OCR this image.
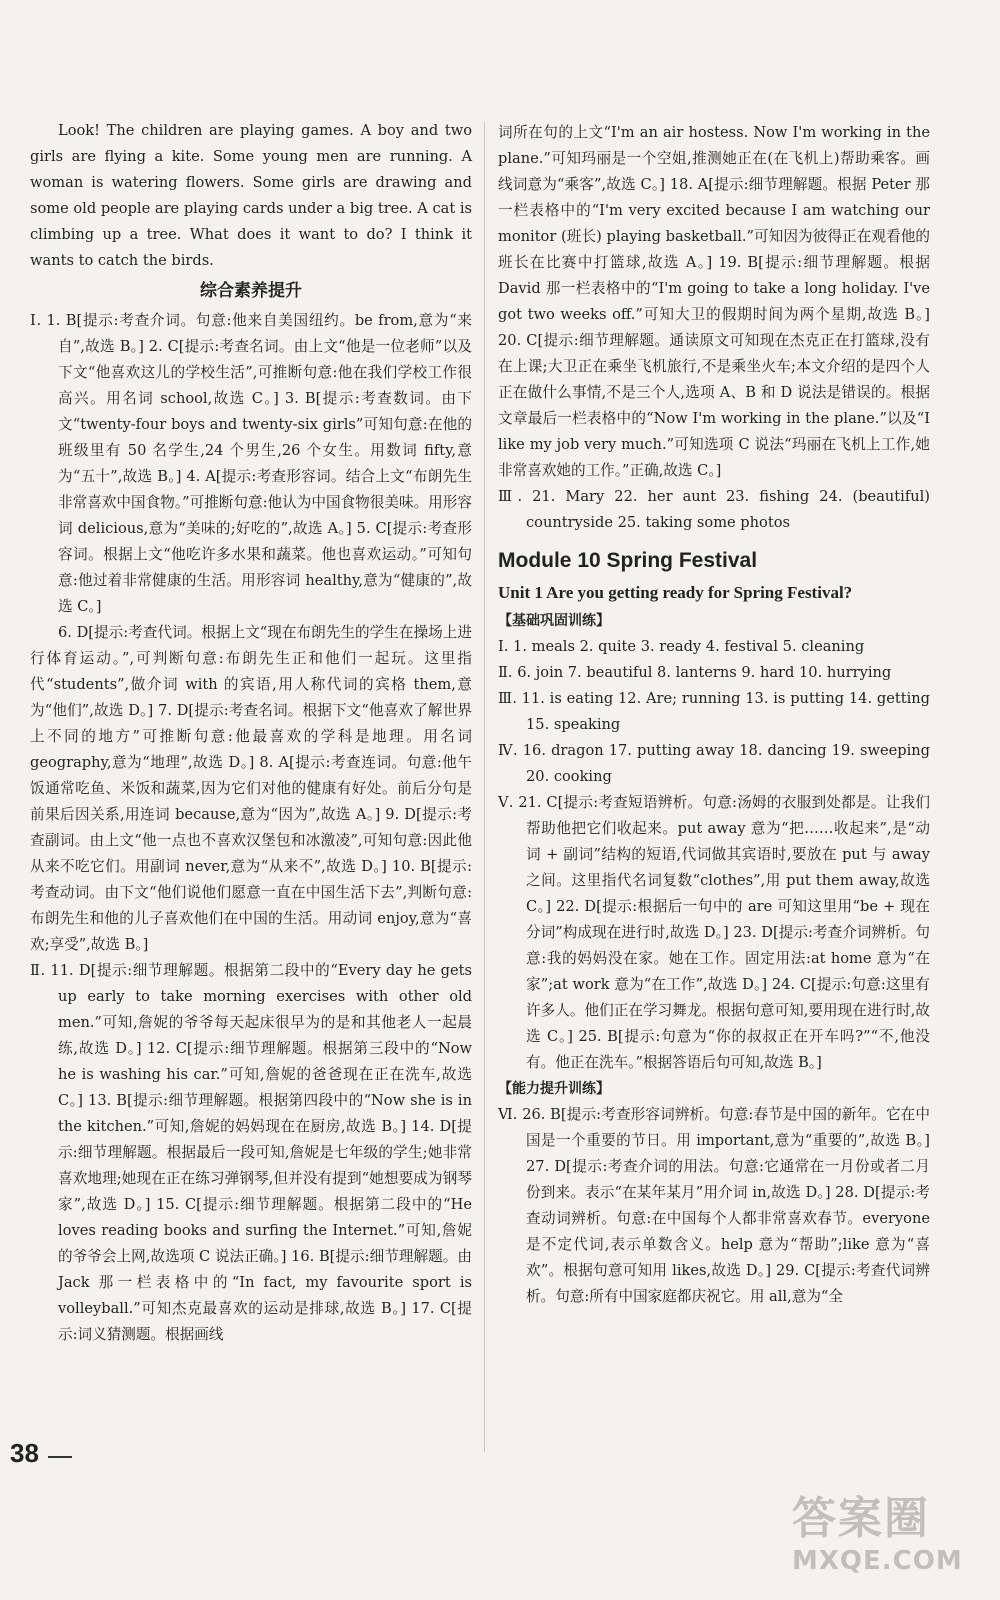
Look! The children are playing games. A boy and two girls are flying a kite. Some young men are running. A woman is watering flowers. Some girls are drawing and some old people are playing cards under a big tree. A cat is climbing up a tree. What does it want to do? I think it wants to catch the birds.

综合素养提升

Ⅰ. 1. B[提示:考查介词。句意:他来自美国纽约。be from,意为“来自”,故选 B。] 2. C[提示:考查名词。由上文“他是一位老师”以及下文“他喜欢这儿的学校生活”,可推断句意:他在我们学校工作很高兴。用名词 school,故选 C。] 3. B[提示:考查数词。由下文“twenty-four boys and twenty-six girls”可知句意:在他的班级里有 50 名学生,24 个男生,26 个女生。用数词 fifty,意为“五十”,故选 B。] 4. A[提示:考查形容词。结合上文“布朗先生非常喜欢中国食物。”可推断句意:他认为中国食物很美味。用形容词 delicious,意为“美味的;好吃的”,故选 A。] 5. C[提示:考查形容词。根据上文“他吃许多水果和蔬菜。他也喜欢运动。”可知句意:他过着非常健康的生活。用形容词 healthy,意为“健康的”,故选 C。]

6. D[提示:考查代词。根据上文“现在布朗先生的学生在操场上进行体育运动。”,可判断句意:布朗先生正和他们一起玩。这里指代“students”,做介词 with 的宾语,用人称代词的宾格 them,意为“他们”,故选 D。] 7. D[提示:考查名词。根据下文“他喜欢了解世界上不同的地方”可推断句意:他最喜欢的学科是地理。用名词 geography,意为“地理”,故选 D。] 8. A[提示:考查连词。句意:他午饭通常吃鱼、米饭和蔬菜,因为它们对他的健康有好处。前后分句是前果后因关系,用连词 because,意为“因为”,故选 A。] 9. D[提示:考查副词。由上文“他一点也不喜欢汉堡包和冰激凌”,可知句意:因此他从来不吃它们。用副词 never,意为“从来不”,故选 D。] 10. B[提示:考查动词。由下文“他们说他们愿意一直在中国生活下去”,判断句意:布朗先生和他的儿子喜欢他们在中国的生活。用动词 enjoy,意为“喜欢;享受”,故选 B。]

Ⅱ. 11. D[提示:细节理解题。根据第二段中的“Every day he gets up early to take morning exercises with other old men.”可知,詹妮的爷爷每天起床很早为的是和其他老人一起晨练,故选 D。] 12. C[提示:细节理解题。根据第三段中的“Now he is washing his car.”可知,詹妮的爸爸现在正在洗车,故选 C。] 13. B[提示:细节理解题。根据第四段中的“Now she is in the kitchen.”可知,詹妮的妈妈现在在厨房,故选 B。] 14. D[提示:细节理解题。根据最后一段可知,詹妮是七年级的学生;她非常喜欢地理;她现在正在练习弹钢琴,但并没有提到“她想要成为钢琴家”,故选 D。] 15. C[提示:细节理解题。根据第二段中的“He loves reading books and surfing the Internet.”可知,詹妮的爷爷会上网,故选项 C 说法正确。] 16. B[提示:细节理解题。由 Jack 那一栏表格中的“In fact, my favourite sport is volleyball.”可知杰克最喜欢的运动是排球,故选 B。] 17. C[提示:词义猜测题。根据画线

词所在句的上文“I'm an air hostess. Now I'm working in the plane.”可知玛丽是一个空姐,推测她正在(在飞机上)帮助乘客。画线词意为“乘客”,故选 C。] 18. A[提示:细节理解题。根据 Peter 那一栏表格中的“I'm very excited because I am watching our monitor (班长) playing basketball.”可知因为彼得正在观看他的班长在比赛中打篮球,故选 A。] 19. B[提示:细节理解题。根据 David 那一栏表格中的“I'm going to take a long holiday. I've got two weeks off.”可知大卫的假期时间为两个星期,故选 B。] 20. C[提示:细节理解题。通读原文可知现在杰克正在打篮球,没有在上课;大卫正在乘坐飞机旅行,不是乘坐火车;本文介绍的是四个人正在做什么事情,不是三个人,选项 A、B 和 D 说法是错误的。根据文章最后一栏表格中的“Now I'm working in the plane.”以及“I like my job very much.”可知选项 C 说法“玛丽在飞机上工作,她非常喜欢她的工作。”正确,故选 C。]

Ⅲ. 21. Mary 22. her aunt 23. fishing 24. (beautiful) countryside 25. taking some photos

Module 10 Spring Festival
Unit 1 Are you getting ready for Spring Festival?
【基础巩固训练】

Ⅰ. 1. meals 2. quite 3. ready 4. festival 5. cleaning

Ⅱ. 6. join 7. beautiful 8. lanterns 9. hard 10. hurrying

Ⅲ. 11. is eating 12. Are; running 13. is putting 14. getting 15. speaking

Ⅳ. 16. dragon 17. putting away 18. dancing 19. sweeping 20. cooking

Ⅴ. 21. C[提示:考查短语辨析。句意:汤姆的衣服到处都是。让我们帮助他把它们收起来。put away 意为“把……收起来”,是“动词 + 副词”结构的短语,代词做其宾语时,要放在 put 与 away 之间。这里指代名词复数“clothes”,用 put them away,故选 C。] 22. D[提示:根据后一句中的 are 可知这里用“be + 现在分词”构成现在进行时,故选 D。] 23. D[提示:考查介词辨析。句意:我的妈妈没在家。她在工作。固定用法:at home 意为“在家”;at work 意为“在工作”,故选 D。] 24. C[提示:句意:这里有许多人。他们正在学习舞龙。根据句意可知,要用现在进行时,故选 C。] 25. B[提示:句意为“你的叔叔正在开车吗?”“不,他没有。他正在洗车。”根据答语后句可知,故选 B。]

【能力提升训练】

Ⅵ. 26. B[提示:考查形容词辨析。句意:春节是中国的新年。它在中国是一个重要的节日。用 important,意为“重要的”,故选 B。] 27. D[提示:考查介词的用法。句意:它通常在一月份或者二月份到来。表示“在某年某月”用介词 in,故选 D。] 28. D[提示:考查动词辨析。句意:在中国每个人都非常喜欢春节。everyone 是不定代词,表示单数含义。help 意为“帮助”;like 意为“喜欢”。根据句意可知用 likes,故选 D。] 29. C[提示:考查代词辨析。句意:所有中国家庭都庆祝它。用 all,意为“全

38
答案圈
MXQE.COM
